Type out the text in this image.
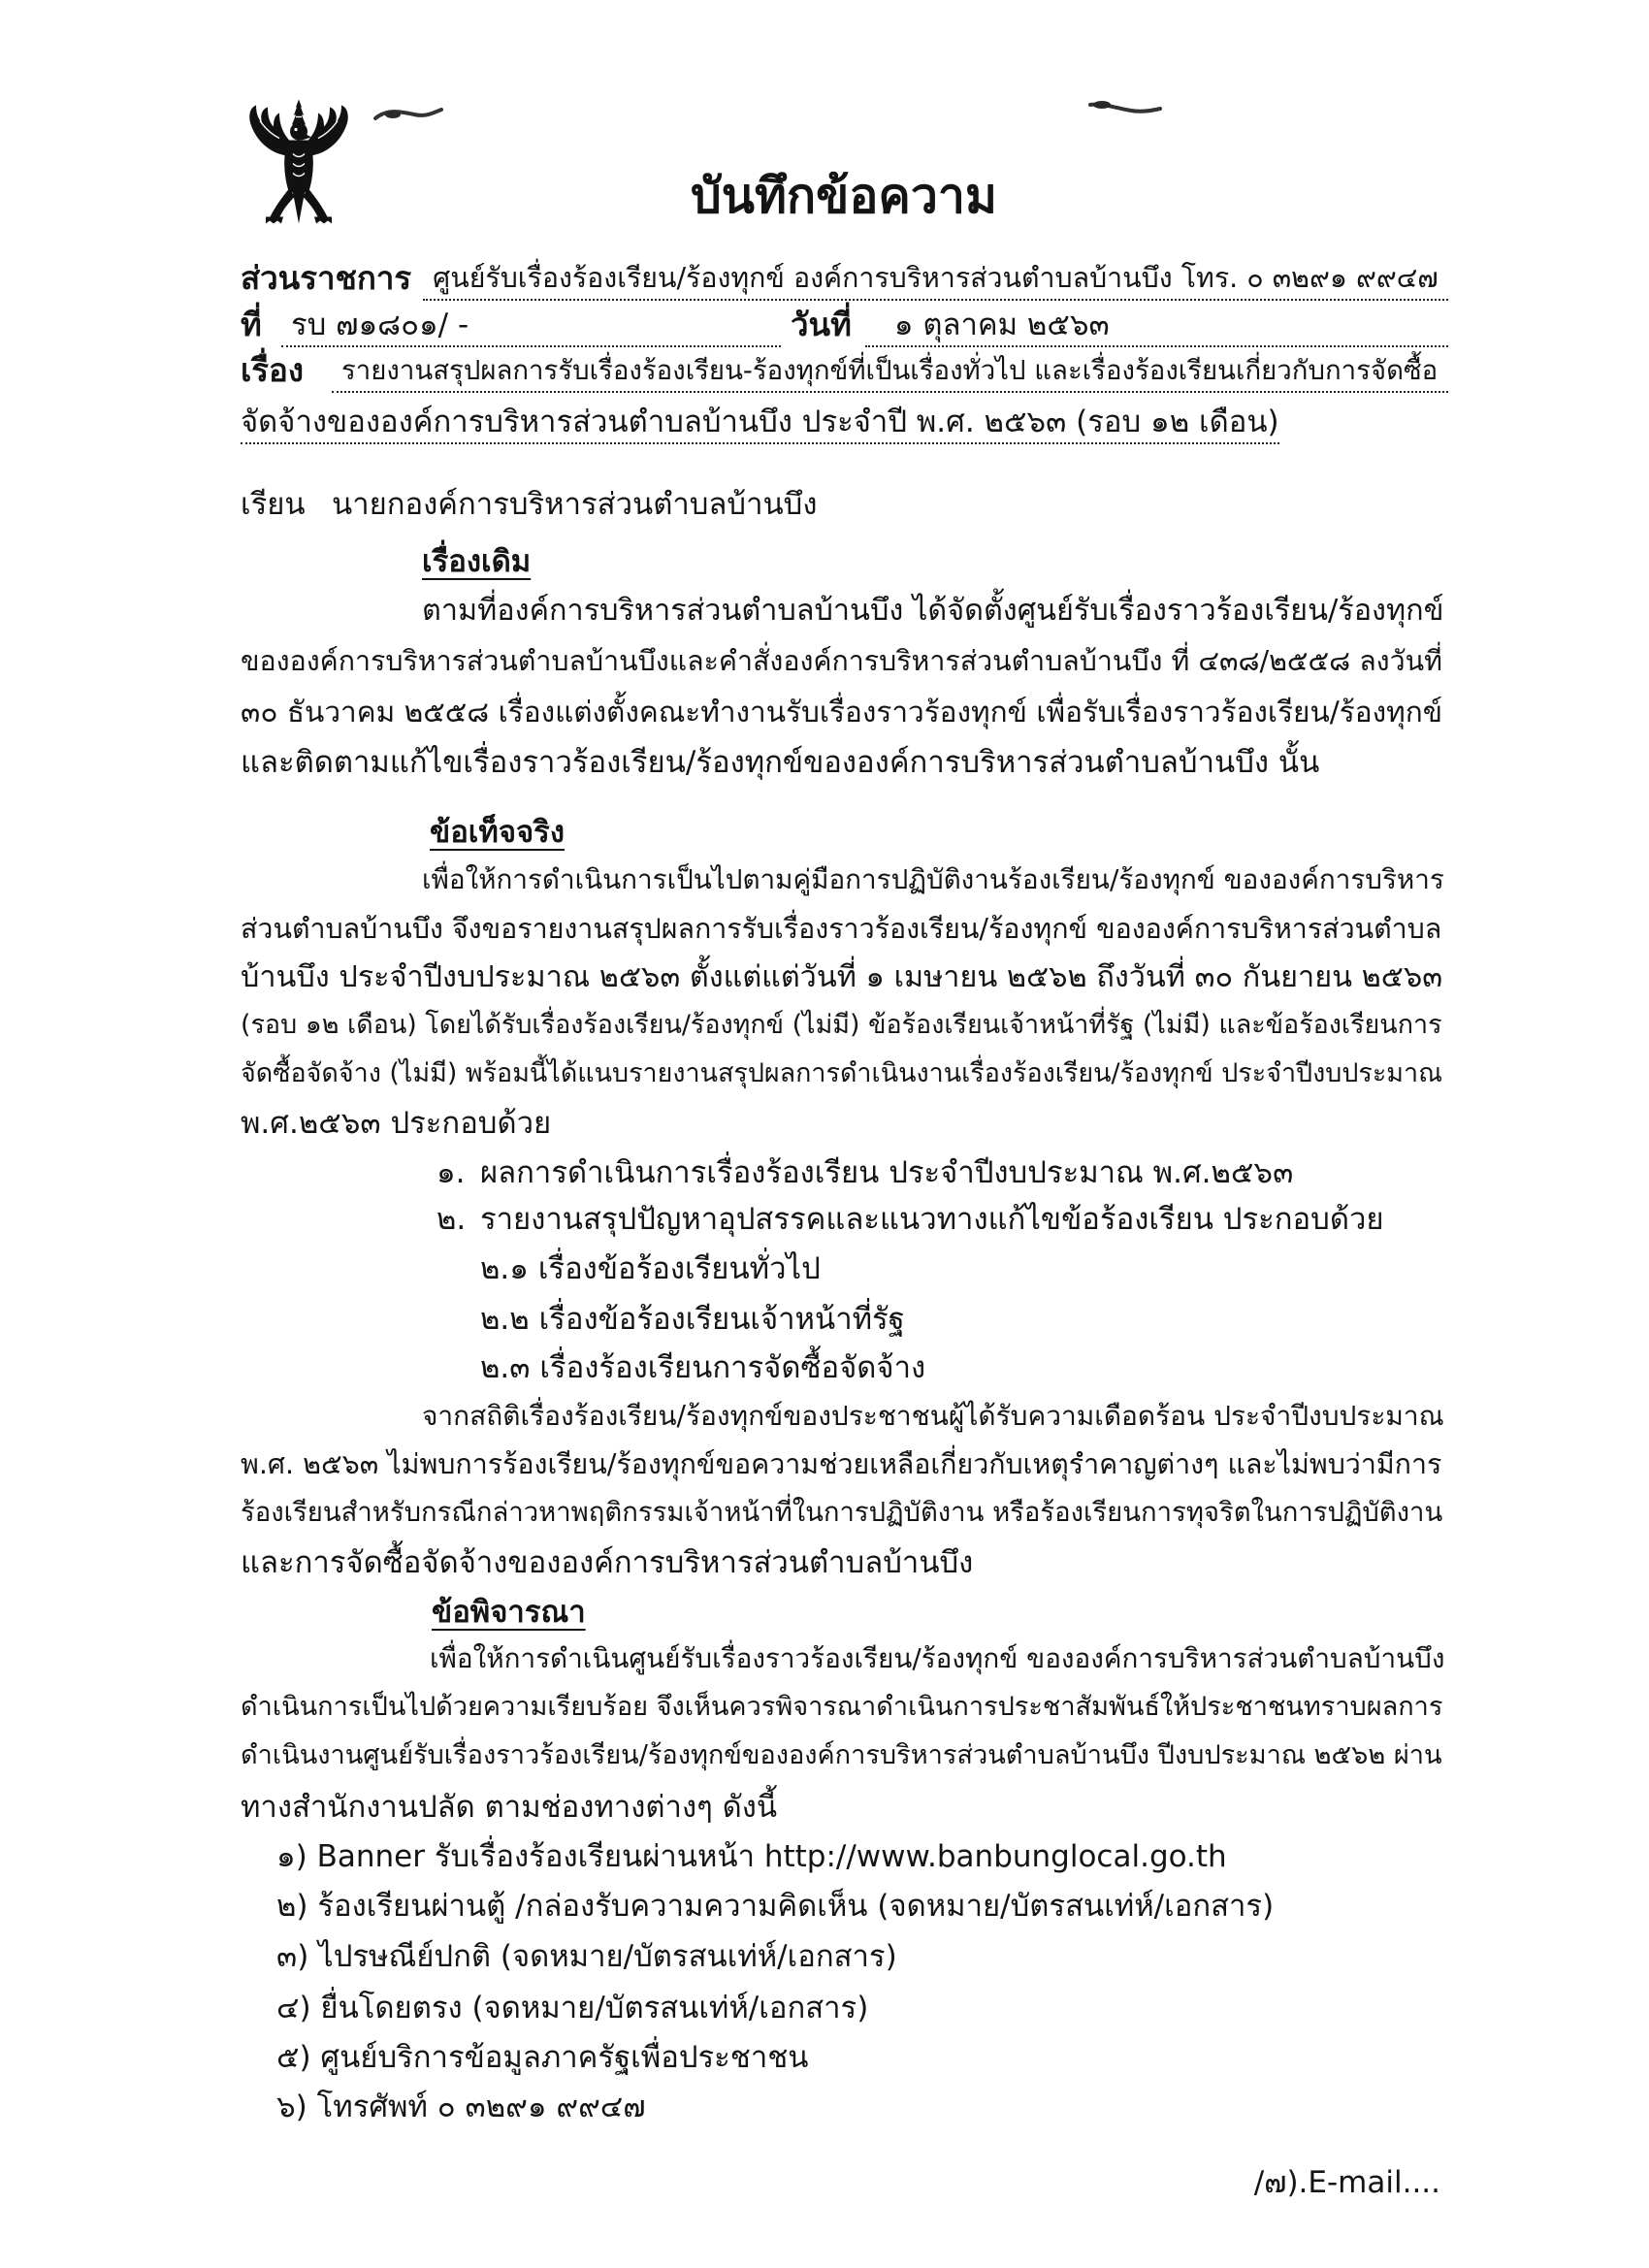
บันทึกข้อความ
ส่วนราชการ ศูนย์รับเรื่องร้องเรียน/ร้องทุกข์ องค์การบริหารส่วนตำบลบ้านบึง โทร. ๐ ๓๒๙๑ ๙๙๔๗
ที่ รบ ๗๑๘๐๑/ -	วันที่	๑ ตุลาคม ๒๕๖๓
เรื่อง	รายงานสรุปผลการรับเรื่องร้องเรียน-ร้องทุกข์ที่เป็นเรื่องทั่วไป และเรื่องร้องเรียนเกี่ยวกับการจัดซื้อ
จัดจ้างขององค์การบริหารส่วนตำบลบ้านบึง ประจำปี พ.ศ. ๒๕๖๓ (รอบ ๑๒ เดือน)
เรียน นายกองค์การบริหารส่วนตำบลบ้านบึง
เรื่องเดิม
ตามที่องค์การบริหารส่วนตำบลบ้านบึง ได้จัดตั้งศูนย์รับเรื่องราวร้องเรียน/ร้องทุกข์
ขององค์การบริหารส่วนตำบลบ้านบึงและคำสั่งองค์การบริหารส่วนตำบลบ้านบึง ที่ ๔๓๘/๒๕๕๘ ลงวันที่
๓๐ ธันวาคม ๒๕๕๘ เรื่องแต่งตั้งคณะทำงานรับเรื่องราวร้องทุกข์ เพื่อรับเรื่องราวร้องเรียน/ร้องทุกข์
และติดตามแก้ไขเรื่องราวร้องเรียน/ร้องทุกข์ขององค์การบริหารส่วนตำบลบ้านบึง นั้น
ข้อเท็จจริง
เพื่อให้การดำเนินการเป็นไปตามคู่มือการปฏิบัติงานร้องเรียน/ร้องทุกข์ ขององค์การบริหาร
ส่วนตำบลบ้านบึง จึงขอรายงานสรุปผลการรับเรื่องราวร้องเรียน/ร้องทุกข์ ขององค์การบริหารส่วนตำบล
บ้านบึง ประจำปีงบประมาณ ๒๕๖๓ ตั้งแต่แต่วันที่ ๑ เมษายน ๒๕๖๒ ถึงวันที่ ๓๐ กันยายน ๒๕๖๓
(รอบ ๑๒ เดือน) โดยได้รับเรื่องร้องเรียน/ร้องทุกข์ (ไม่มี) ข้อร้องเรียนเจ้าหน้าที่รัฐ (ไม่มี) และข้อร้องเรียนการ
จัดซื้อจัดจ้าง (ไม่มี) พร้อมนี้ได้แนบรายงานสรุปผลการดำเนินงานเรื่องร้องเรียน/ร้องทุกข์ ประจำปีงบประมาณ
พ.ศ.๒๕๖๓ ประกอบด้วย
๑. ผลการดำเนินการเรื่องร้องเรียน ประจำปีงบประมาณ พ.ศ.๒๕๖๓
๒. รายงานสรุปปัญหาอุปสรรคและแนวทางแก้ไขข้อร้องเรียน ประกอบด้วย
๒.๑ เรื่องข้อร้องเรียนทั่วไป
๒.๒ เรื่องข้อร้องเรียนเจ้าหน้าที่รัฐ
๒.๓ เรื่องร้องเรียนการจัดซื้อจัดจ้าง
จากสถิติเรื่องร้องเรียน/ร้องทุกข์ของประชาชนผู้ได้รับความเดือดร้อน ประจำปีงบประมาณ
พ.ศ. ๒๕๖๓ ไม่พบการร้องเรียน/ร้องทุกข์ขอความช่วยเหลือเกี่ยวกับเหตุรำคาญต่างๆ และไม่พบว่ามีการ
ร้องเรียนสำหรับกรณีกล่าวหาพฤติกรรมเจ้าหน้าที่ในการปฏิบัติงาน หรือร้องเรียนการทุจริตในการปฏิบัติงาน
และการจัดซื้อจัดจ้างขององค์การบริหารส่วนตำบลบ้านบึง
ข้อพิจารณา
เพื่อให้การดำเนินศูนย์รับเรื่องราวร้องเรียน/ร้องทุกข์ ขององค์การบริหารส่วนตำบลบ้านบึง
ดำเนินการเป็นไปด้วยความเรียบร้อย จึงเห็นควรพิจารณาดำเนินการประชาสัมพันธ์ให้ประชาชนทราบผลการ
ดำเนินงานศูนย์รับเรื่องราวร้องเรียน/ร้องทุกข์ขององค์การบริหารส่วนตำบลบ้านบึง ปีงบประมาณ ๒๕๖๒ ผ่าน
ทางสำนักงานปลัด ตามช่องทางต่างๆ ดังนี้
๑) Banner รับเรื่องร้องเรียนผ่านหน้า http://www.banbunglocal.go.th
๒) ร้องเรียนผ่านตู้ /กล่องรับความความคิดเห็น (จดหมาย/บัตรสนเท่ห์/เอกสาร)
๓) ไปรษณีย์ปกติ (จดหมาย/บัตรสนเท่ห์/เอกสาร)
๔) ยื่นโดยตรง (จดหมาย/บัตรสนเท่ห์/เอกสาร)
๕) ศูนย์บริการข้อมูลภาครัฐเพื่อประชาชน
๖) โทรศัพท์ ๐ ๓๒๙๑ ๙๙๔๗
/๗).E-mail....
